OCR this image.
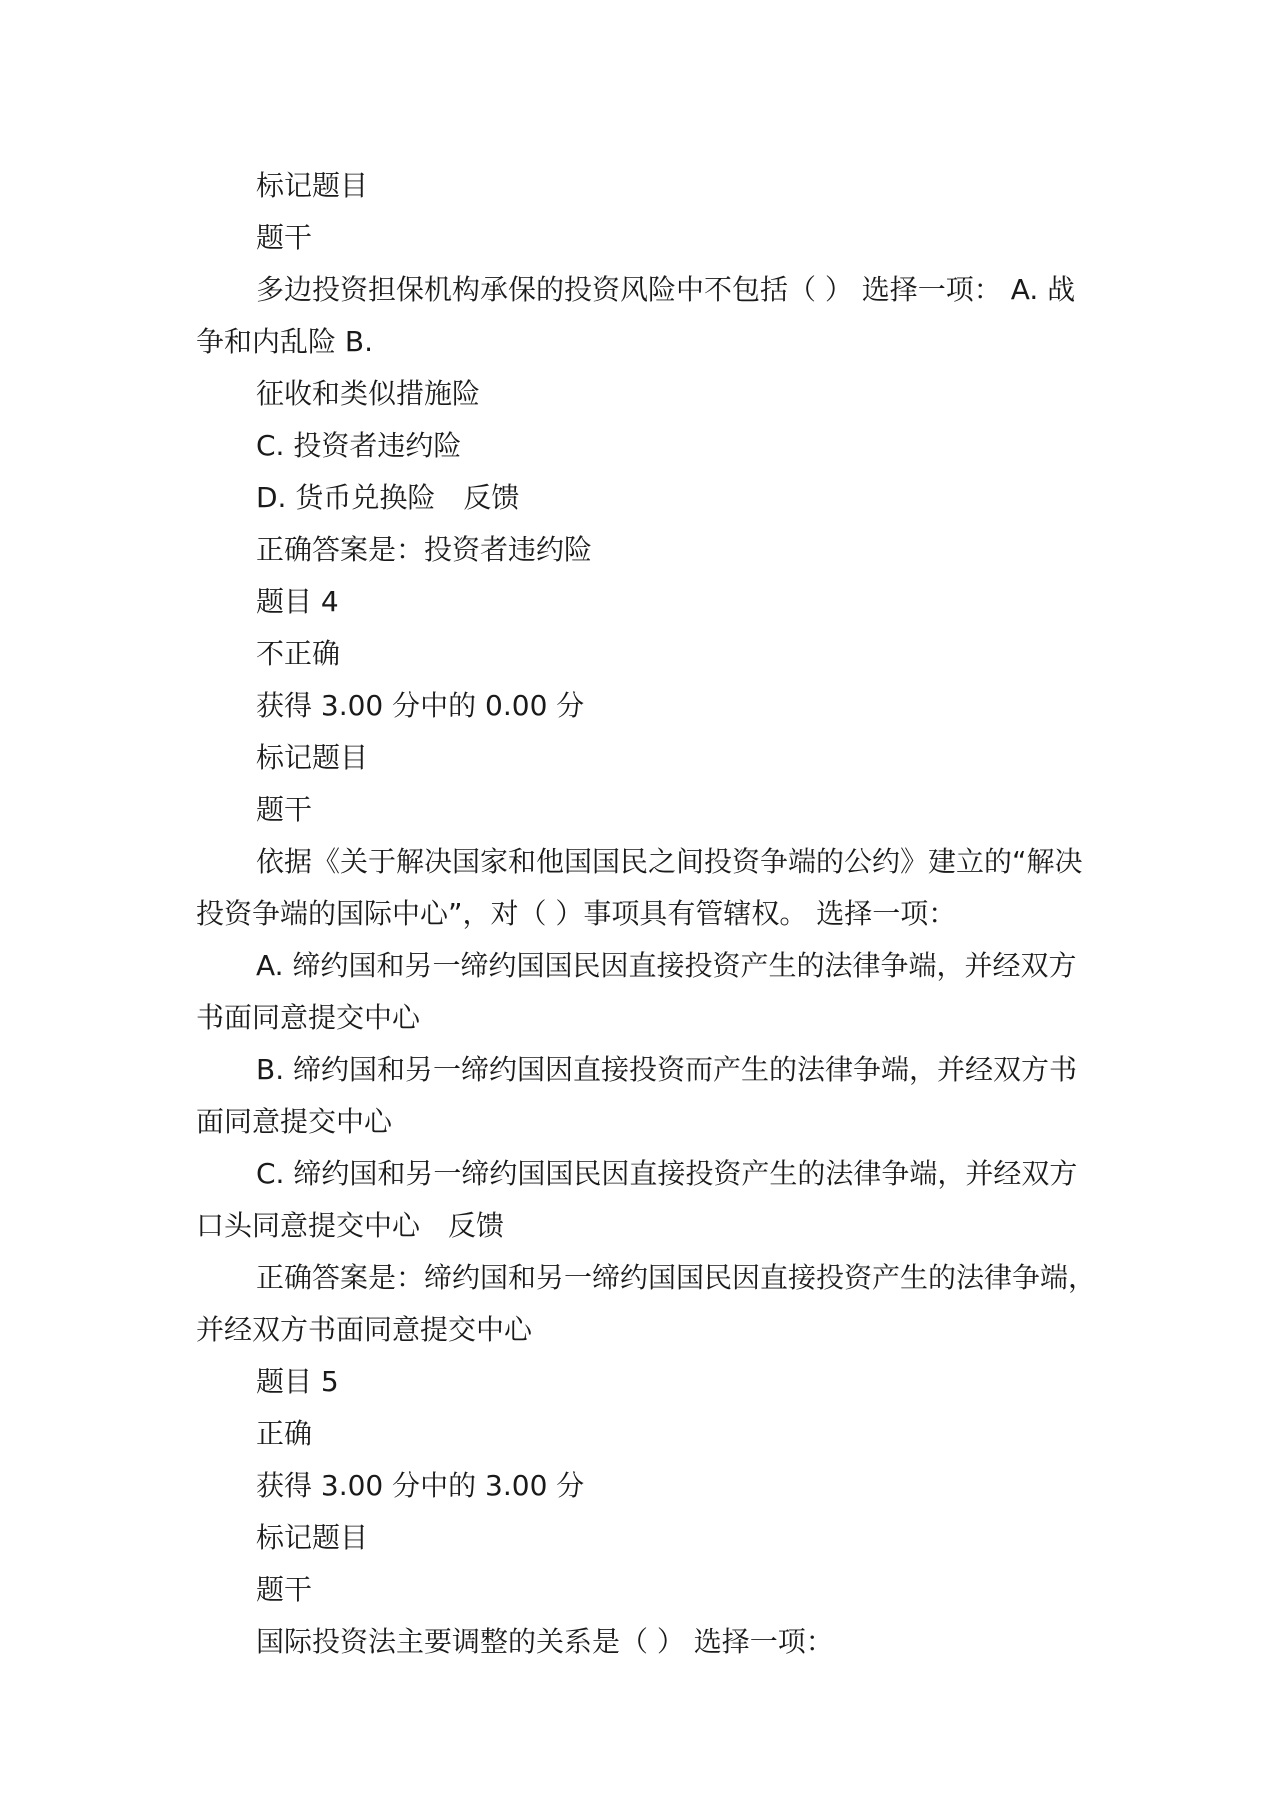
标记题目

题干

多边投资担保机构承保的投资风险中不包括（ ） 选择一项： A. 战争和内乱险 B.

征收和类似措施险

C. 投资者违约险

D. 货币兑换险 反馈

正确答案是：投资者违约险

题目 4

不正确

获得 3.00 分中的 0.00 分

标记题目

题干

依据《关于解决国家和他国国民之间投资争端的公约》建立的“解决投资争端的国际中心”，对（ ）事项具有管辖权。 选择一项：

A. 缔约国和另一缔约国国民因直接投资产生的法律争端，并经双方书面同意提交中心

B. 缔约国和另一缔约国因直接投资而产生的法律争端，并经双方书面同意提交中心

C. 缔约国和另一缔约国国民因直接投资产生的法律争端，并经双方口头同意提交中心 反馈

正确答案是：缔约国和另一缔约国国民因直接投资产生的法律争端，并经双方书面同意提交中心

题目 5

正确

获得 3.00 分中的 3.00 分

标记题目

题干

国际投资法主要调整的关系是（ ） 选择一项：
